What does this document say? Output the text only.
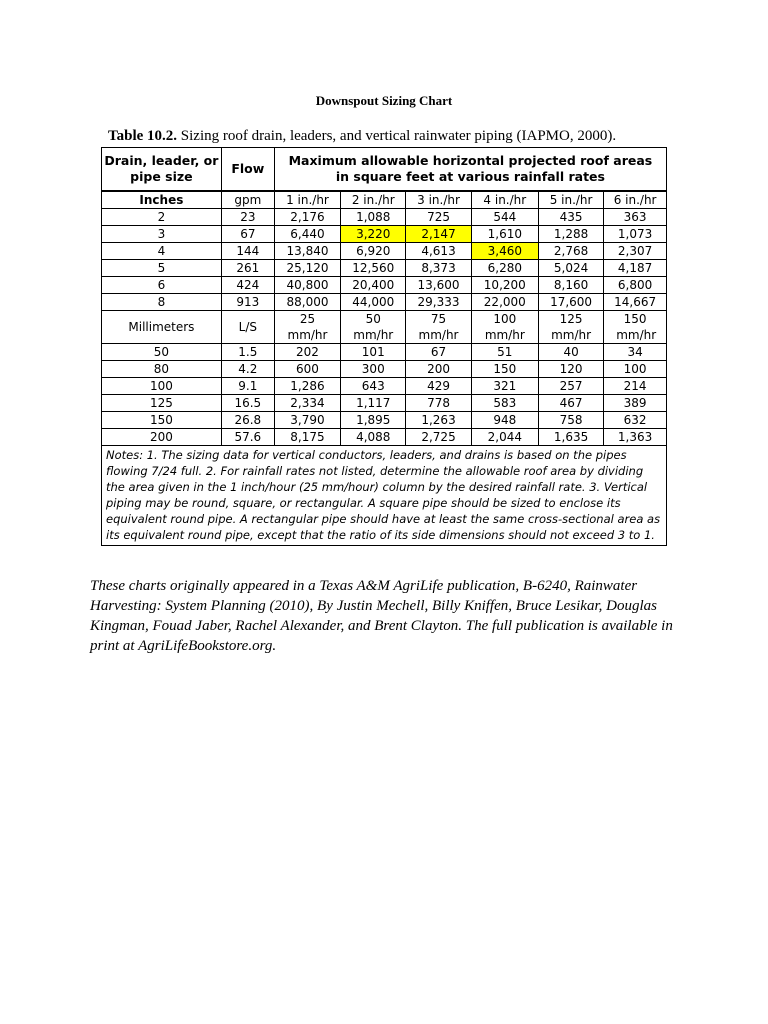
Downspout Sizing Chart
Table 10.2. Sizing roof drain, leaders, and vertical rainwater piping (IAPMO, 2000).
Drain, leader, or pipe size	Flow	Maximum allowable horizontal projected roof areas in square feet at various rainfall rates					
Inches	gpm	1 in./hr	2 in./hr	3 in./hr	4 in./hr	5 in./hr	6 in./hr
2	23	2,176	1,088	725	544	435	363
3	67	6,440	3,220	2,147	1,610	1,288	1,073
4	144	13,840	6,920	4,613	3,460	2,768	2,307
5	261	25,120	12,560	8,373	6,280	5,024	4,187
6	424	40,800	20,400	13,600	10,200	8,160	6,800
8	913	88,000	44,000	29,333	22,000	17,600	14,667
Millimeters	L/S	25 mm/hr	50 mm/hr	75 mm/hr	100 mm/hr	125 mm/hr	150 mm/hr
50	1.5	202	101	67	51	40	34
80	4.2	600	300	200	150	120	100
100	9.1	1,286	643	429	321	257	214
125	16.5	2,334	1,117	778	583	467	389
150	26.8	3,790	1,895	1,263	948	758	632
200	57.6	8,175	4,088	2,725	2,044	1,635	1,363
Notes: 1. The sizing data for vertical conductors, leaders, and drains is based on the pipes flowing 7/24 full. 2. For rainfall rates not listed, determine the allowable roof area by dividing the area given in the 1 inch/hour (25 mm/hour) column by the desired rainfall rate. 3. Vertical piping may be round, square, or rectangular. A square pipe should be sized to enclose its equivalent round pipe. A rectangular pipe should have at least the same cross-sectional area as its equivalent round pipe, except that the ratio of its side dimensions should not exceed 3 to 1.							
These charts originally appeared in a Texas A&M AgriLife publication, B-6240, Rainwater Harvesting: System Planning (2010), By Justin Mechell, Billy Kniffen, Bruce Lesikar, Douglas Kingman, Fouad Jaber, Rachel Alexander, and Brent Clayton. The full publication is available in print at AgriLifeBookstore.org.
